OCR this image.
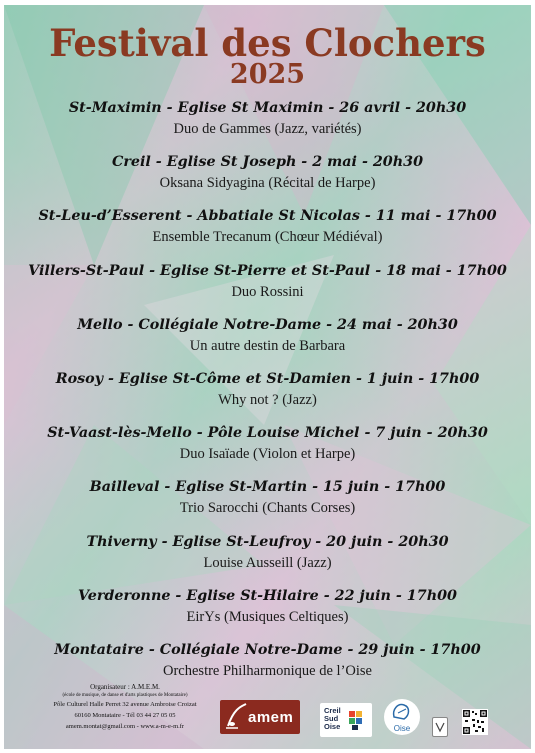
Festival des Clochers
2025
St-Maximin - Eglise St Maximin - 26 avril - 20h30
Duo de Gammes (Jazz, variétés)
Creil - Eglise St Joseph - 2 mai - 20h30
Oksana Sidyagina (Récital de Harpe)
St-Leu-d’Esserent - Abbatiale St Nicolas - 11 mai - 17h00
Ensemble Trecanum (Chœur Médiéval)
Villers-St-Paul - Eglise St-Pierre et St-Paul - 18 mai - 17h00
Duo Rossini
Mello - Collégiale Notre-Dame - 24 mai - 20h30
Un autre destin de Barbara
Rosoy - Eglise St-Côme et St-Damien - 1 juin - 17h00
Why not ? (Jazz)
St-Vaast-lès-Mello - Pôle Louise Michel - 7 juin - 20h30
Duo Isaïade (Violon et Harpe)
Bailleval - Eglise St-Martin - 15 juin - 17h00
Trio Sarocchi (Chants Corses)
Thiverny - Eglise St-Leufroy - 20 juin - 20h30
Louise Ausseill (Jazz)
Verderonne - Eglise St-Hilaire - 22 juin - 17h00
EirYs (Musiques Celtiques)
Montataire - Collégiale Notre-Dame - 29 juin - 17h00
Orchestre Philharmonique de l’Oise
Organisateur : A.M.E.M.
(école de musique, de danse et d'arts plastiques de Montataire)
Pôle Culturel Halle Perret 32 avenue Ambroise Croizat
60160 Montataire - Tél 03 44 27 05 05
amem.montat@gmail.com - www.a-m-e-m.fr
amem	Creil
Sud
Oise	Oise
